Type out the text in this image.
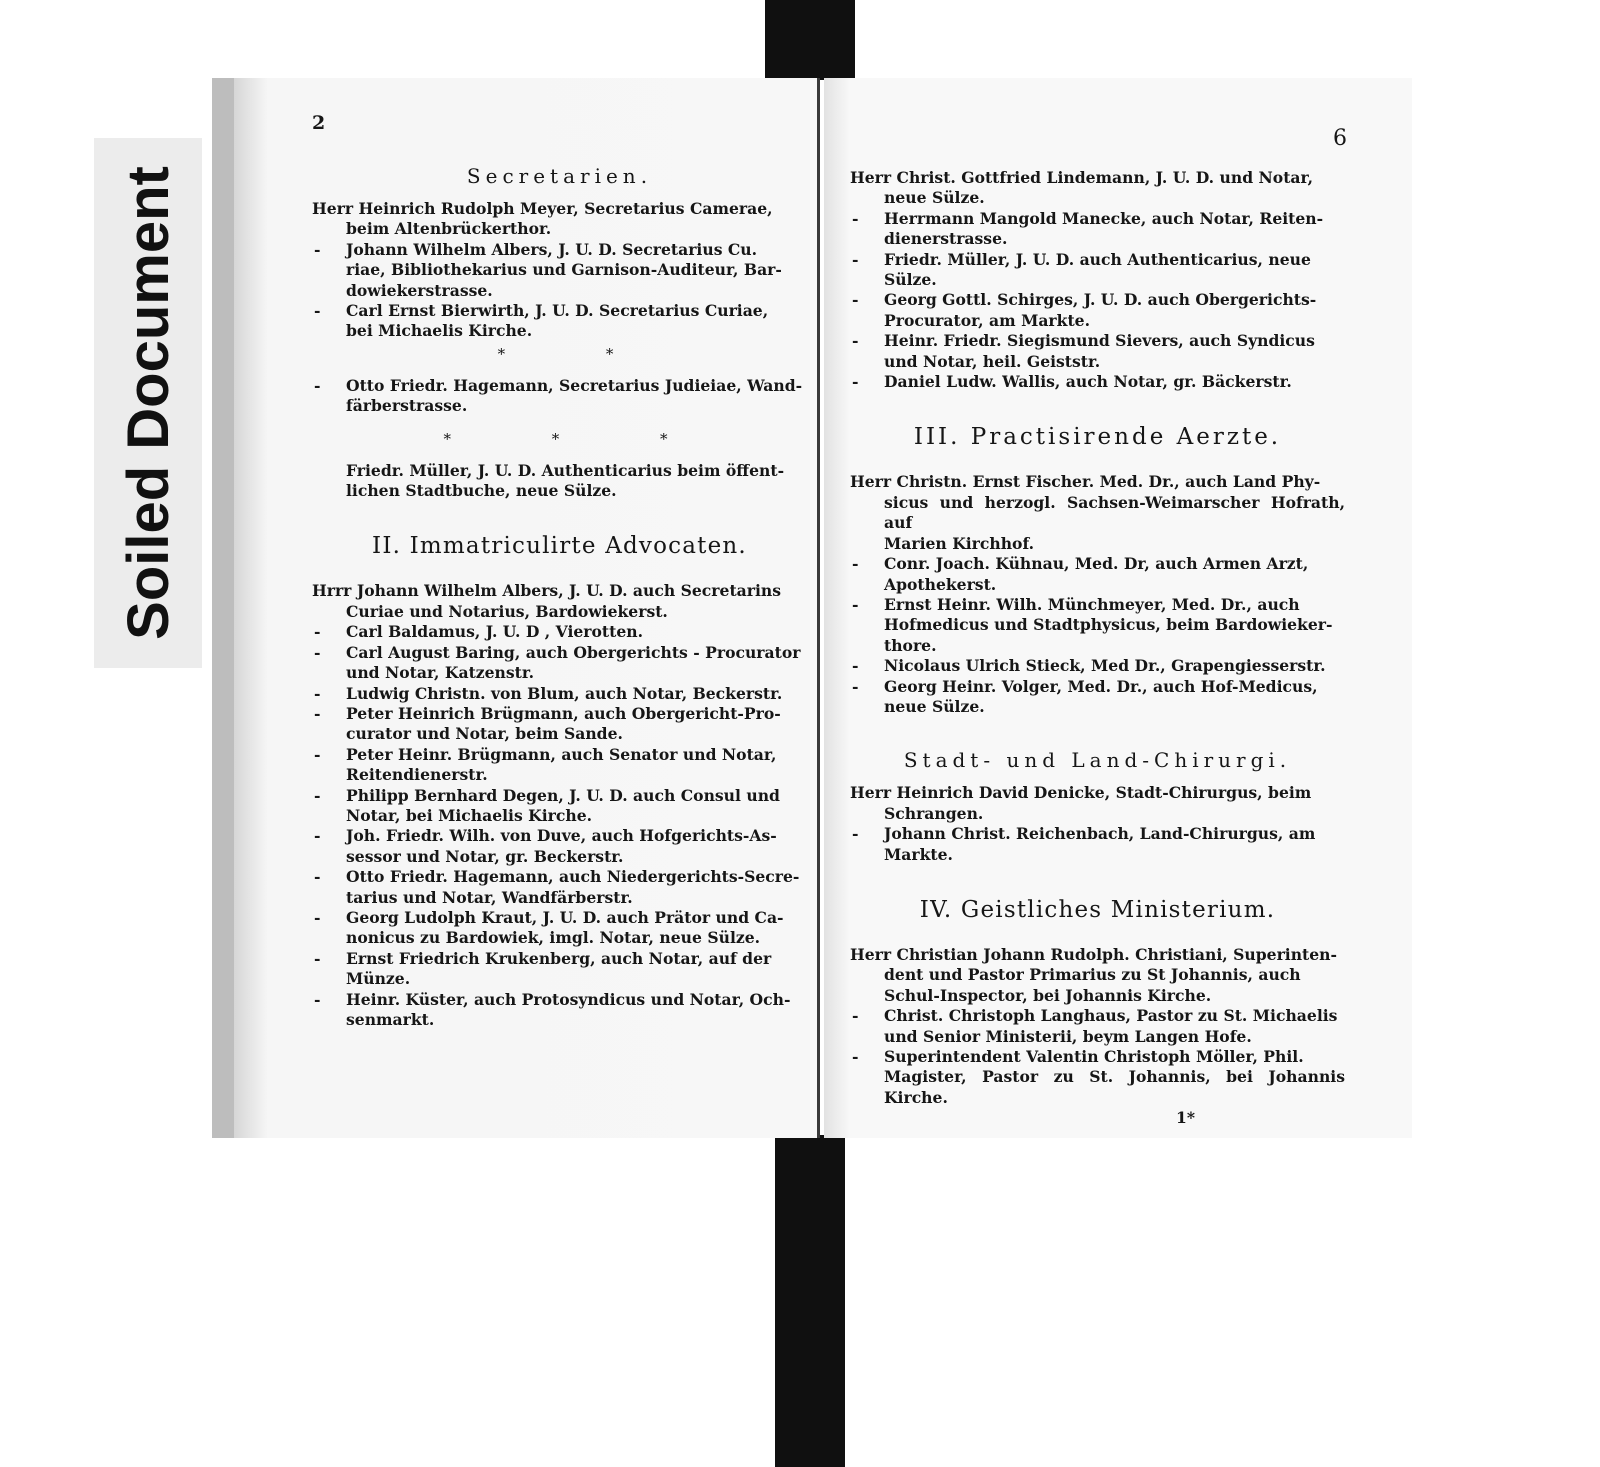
Soiled Document
2
6
Secretarien.
Herr Heinrich Rudolph Meyer, Secretarius Camerae,
beim Altenbrückerthor.
- Johann Wilhelm Albers, J. U. D. Secretarius Cu.
riae, Bibliothekarius und Garnison-Auditeur, Bar-
dowiekerstrasse.
- Carl Ernst Bierwirth, J. U. D. Secretarius Curiae,
bei Michaelis Kirche.
* *
- Otto Friedr. Hagemann, Secretarius Judieiae, Wand-
färberstrasse.
* * *
Friedr. Müller, J. U. D. Authenticarius beim öffent-
lichen Stadtbuche, neue Sülze.
II. Immatriculirte Advocaten.
Hrrr Johann Wilhelm Albers, J. U. D. auch Secretarins
Curiae und Notarius, Bardowiekerst.
- Carl Baldamus, J. U. D , Vierotten.
- Carl August Baring, auch Obergerichts - Procurator
und Notar, Katzenstr.
- Ludwig Christn. von Blum, auch Notar, Beckerstr.
- Peter Heinrich Brügmann, auch Obergericht-Pro-
curator und Notar, beim Sande.
- Peter Heinr. Brügmann, auch Senator und Notar,
Reitendienerstr.
- Philipp Bernhard Degen, J. U. D. auch Consul und
Notar, bei Michaelis Kirche.
- Joh. Friedr. Wilh. von Duve, auch Hofgerichts-As-
sessor und Notar, gr. Beckerstr.
- Otto Friedr. Hagemann, auch Niedergerichts-Secre-
tarius und Notar, Wandfärberstr.
- Georg Ludolph Kraut, J. U. D. auch Prätor und Ca-
nonicus zu Bardowiek, imgl. Notar, neue Sülze.
- Ernst Friedrich Krukenberg, auch Notar, auf der
Münze.
- Heinr. Küster, auch Protosyndicus und Notar, Och-
senmarkt.
Herr Christ. Gottfried Lindemann, J. U. D. und Notar,
neue Sülze.
- Herrmann Mangold Manecke, auch Notar, Reiten-
dienerstrasse.
- Friedr. Müller, J. U. D. auch Authenticarius, neue
Sülze.
- Georg Gottl. Schirges, J. U. D. auch Obergerichts-
Procurator, am Markte.
- Heinr. Friedr. Siegismund Sievers, auch Syndicus
und Notar, heil. Geiststr.
- Daniel Ludw. Wallis, auch Notar, gr. Bäckerstr.
III. Practisirende Aerzte.
Herr Christn. Ernst Fischer. Med. Dr., auch Land Phy-
sicus und herzogl. Sachsen-Weimarscher Hofrath, auf
Marien Kirchhof.
- Conr. Joach. Kühnau, Med. Dr, auch Armen Arzt,
Apothekerst.
- Ernst Heinr. Wilh. Münchmeyer, Med. Dr., auch
Hofmedicus und Stadtphysicus, beim Bardowieker-
thore.
- Nicolaus Ulrich Stieck, Med Dr., Grapengiesserstr.
- Georg Heinr. Volger, Med. Dr., auch Hof-Medicus,
neue Sülze.
Stadt- und Land-Chirurgi.
Herr Heinrich David Denicke, Stadt-Chirurgus, beim
Schrangen.
- Johann Christ. Reichenbach, Land-Chirurgus, am
Markte.
IV. Geistliches Ministerium.
Herr Christian Johann Rudolph. Christiani, Superinten-
dent und Pastor Primarius zu St Johannis, auch
Schul-Inspector, bei Johannis Kirche.
- Christ. Christoph Langhaus, Pastor zu St. Michaelis
und Senior Ministerii, beym Langen Hofe.
- Superintendent Valentin Christoph Möller, Phil.
Magister, Pastor zu St. Johannis, bei Johannis Kirche.
1*
